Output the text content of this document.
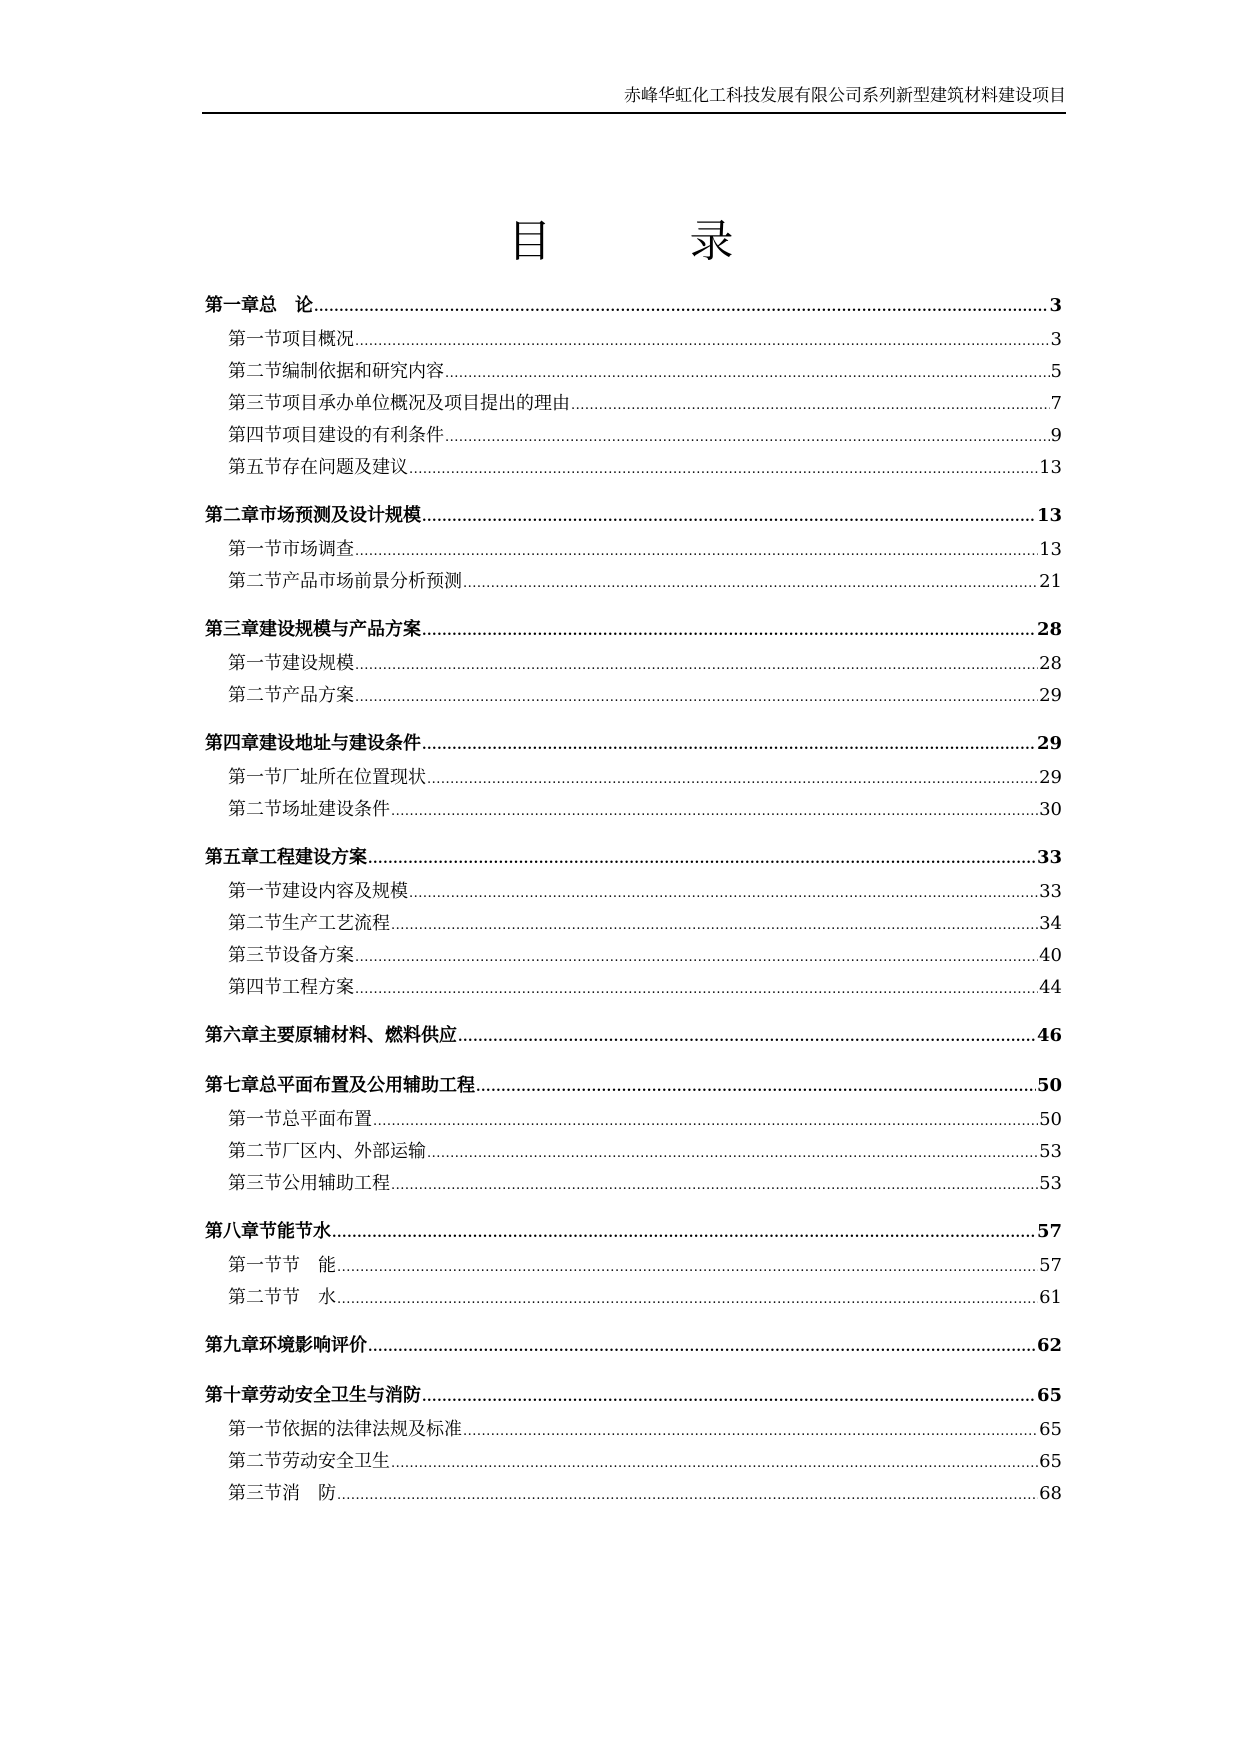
赤峰华虹化工科技发展有限公司系列新型建筑材料建设项目
目 录
第一章 总　论 .....	3
第一节 项目概况 .....	3
第二节 编制依据和研究内容 .....	5
第三节 项目承办单位概况及项目提出的理由 .....	7
第四节 项目建设的有利条件 .....	9
第五节 存在问题及建议 .....	13
第二章 市场预测及设计规模 .....	13
第一节 市场调查 .....	13
第二节 产品市场前景分析预测 .....	21
第三章 建设规模与产品方案 .....	28
第一节 建设规模 .....	28
第二节 产品方案 .....	29
第四章 建设地址与建设条件 .....	29
第一节 厂址所在位置现状 .....	29
第二节 场址建设条件 .....	30
第五章 工程建设方案 .....	33
第一节 建设内容及规模 .....	33
第二节 生产工艺流程 .....	34
第三节 设备方案 .....	40
第四节 工程方案 .....	44
第六章 主要原辅材料、燃料供应 .....	46
第七章 总平面布置及公用辅助工程 .....	50
第一节 总平面布置 .....	50
第二节 厂区内、外部运输 .....	53
第三节 公用辅助工程 .....	53
第八章 节能节水 .....	57
第一节 节　能 .....	57
第二节 节　水 .....	61
第九章 环境影响评价 .....	62
第十章 劳动安全卫生与消防 .....	65
第一节 依据的法律法规及标准 .....	65
第二节 劳动安全卫生 .....	65
第三节 消　防 .....	68
